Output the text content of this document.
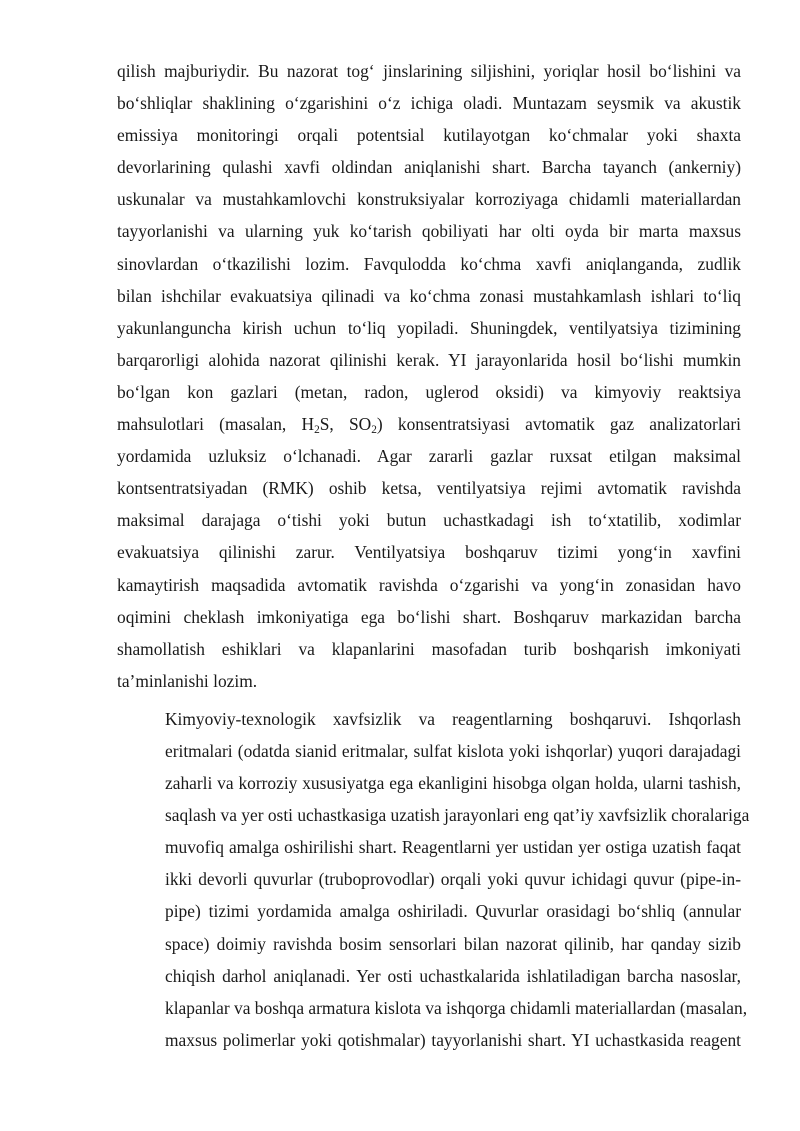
qilish majburiydir. Bu nazorat tog‘ jinslarining siljishini, yoriqlar hosil bo‘lishini va
bo‘shliqlar shaklining o‘zgarishini o‘z ichiga oladi. Muntazam seysmik va akustik
emissiya monitoringi orqali potentsial kutilayotgan ko‘chmalar yoki shaxta
devorlarining qulashi xavfi oldindan aniqlanishi shart. Barcha tayanch (ankerniy)
uskunalar va mustahkamlovchi konstruksiyalar korroziyaga chidamli materiallardan
tayyorlanishi va ularning yuk ko‘tarish qobiliyati har olti oyda bir marta maxsus
sinovlardan o‘tkazilishi lozim. Favqulodda ko‘chma xavfi aniqlanganda, zudlik
bilan ishchilar evakuatsiya qilinadi va ko‘chma zonasi mustahkamlash ishlari to‘liq
yakunlanguncha kirish uchun to‘liq yopiladi. Shuningdek, ventilyatsiya tizimining
barqarorligi alohida nazorat qilinishi kerak. YI jarayonlarida hosil bo‘lishi mumkin
bo‘lgan kon gazlari (metan, radon, uglerod oksidi) va kimyoviy reaktsiya
mahsulotlari (masalan, $H_2S$, $SO_2$) konsentratsiyasi avtomatik gaz analizatorlari
yordamida uzluksiz o‘lchanadi. Agar zararli gazlar ruxsat etilgan maksimal
kontsentratsiyadan (RMK) oshib ketsa, ventilyatsiya rejimi avtomatik ravishda
maksimal darajaga o‘tishi yoki butun uchastkadagi ish to‘xtatilib, xodimlar
evakuatsiya qilinishi zarur. Ventilyatsiya boshqaruv tizimi yong‘in xavfini
kamaytirish maqsadida avtomatik ravishda o‘zgarishi va yong‘in zonasidan havo
oqimini cheklash imkoniyatiga ega bo‘lishi shart. Boshqaruv markazidan barcha
shamollatish eshiklari va klapanlarini masofadan turib boshqarish imkoniyati
ta’minlanishi lozim.
Kimyoviy-texnologik xavfsizlik va reagentlarning boshqaruvi. Ishqorlash
eritmalari (odatda sianid eritmalar, sulfat kislota yoki ishqorlar) yuqori darajadagi
zaharli va korroziy xususiyatga ega ekanligini hisobga olgan holda, ularni tashish,
saqlash va yer osti uchastkasiga uzatish jarayonlari eng qat’iy xavfsizlik choralariga
muvofiq amalga oshirilishi shart. Reagentlarni yer ustidan yer ostiga uzatish faqat
ikki devorli quvurlar (truboprovodlar) orqali yoki quvur ichidagi quvur (pipe-in-
pipe) tizimi yordamida amalga oshiriladi. Quvurlar orasidagi bo‘shliq (annular
space) doimiy ravishda bosim sensorlari bilan nazorat qilinib, har qanday sizib
chiqish darhol aniqlanadi. Yer osti uchastkalarida ishlatiladigan barcha nasoslar,
klapanlar va boshqa armatura kislota va ishqorga chidamli materiallardan (masalan,
maxsus polimerlar yoki qotishmalar) tayyorlanishi shart. YI uchastkasida reagent
